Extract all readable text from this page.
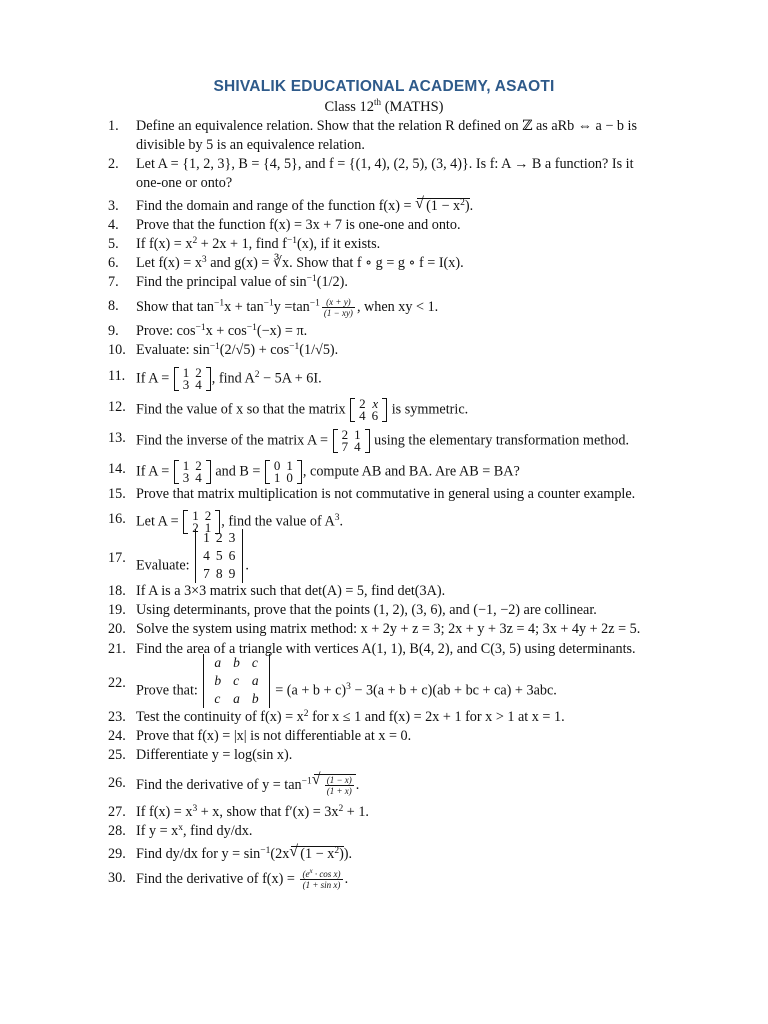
SHIVALIK EDUCATIONAL ACADEMY, ASAOTI
Class 12th (MATHS)
1.	Define an equivalence relation. Show that the relation R defined on ℤ as aRb ⇔ a − b is divisible by 5 is an equivalence relation.
2.	Let A = {1, 2, 3}, B = {4, 5}, and f = {(1, 4), (2, 5), (3, 4)}. Is f: A → B a function? Is it one-one or onto?
3.	Find the domain and range of the function f(x) = √ $(1 - x^2)$.
4.	Prove that the function f(x) = 3x + 7 is one-one and onto.
5.	If $f(x) = x^2 + 2x + 1$, find $f^{-1}(x)$, if it exists.
6.	Let $f(x) = x^3$ and g(x) = ∛x. Show that f ∘ g = g ∘ f = I(x).
7.	Find the principal value of $\sin^{-1}(1/2)$.
8.	Show that $\tan^{-1}x + \tan^{-1}y =\tan^{-1} \frac{(x + y)}{(1 - xy)}$ , when xy < 1.
9.	Prove: $\cos^{-1}x + \cos^{-1}(-x) = \pi$.
10. Evaluate: $\sin^{-1}(2/√5) + \cos^{-1}(1/√5)$.
11. If A = 1	2
3	4 , find $A^2 - 5A + 6I$.
12. Find the value of x so that the matrix 2	x
4	6 is symmetric.
13. Find the inverse of the matrix A = 2	1
7	4 using the elementary transformation method.
14. If A = 1	2
3	4 and B = 0	1
1	0 , compute AB and BA. Are AB = BA?
15. Prove that matrix multiplication is not commutative in general using a counter example.
16. Let A = 1	2
2	1 , find the value of $A^3$.
17. Evaluate:
1	2	3
4	5	6
7	8	9
.
18. If A is a 3×3 matrix such that det(A) = 5, find det(3A).
19. Using determinants, prove that the points (1, 2), (3, 6), and (−1, −2) are collinear.
20. Solve the system using matrix method: x + 2y + z = 3; 2x + y + 3z = 4; 3x + 4y + 2z = 5.
21. Find the area of a triangle with vertices A(1, 1), B(4, 2), and C(3, 5) using determinants.
22. Prove that:
a	b	c
b	c	a
c	a	b
= $(a + b + c)^3 - 3(a + b + c)(ab$ + bc + ca) + 3abc.
23. Test the continuity of $f(x) = x^2$ for x ≤ 1 and f(x) = 2x + 1 for x > 1 at x = 1.
24. Prove that f(x) = |x| is not differentiable at x = 0.
25. Differentiate y = log(sin x).
26. Find the derivative of $y = \tan^{-1}$ √ $\frac{(1 - x)}{(1 + x)}$ .
27. If $f(x) = x^3 + x$, show that $f'(x) = 3x^2 + 1$.
28. If $y = x^x$, find dy/dx.
29. Find dy/dx for $y = \sin^{-1}(2x$ √ $(1 - x^2)$).
30. Find the derivative of $f(x) = \frac{(e^x \cdot \cos x)}{\text{(1 + sin x)}}$ .
